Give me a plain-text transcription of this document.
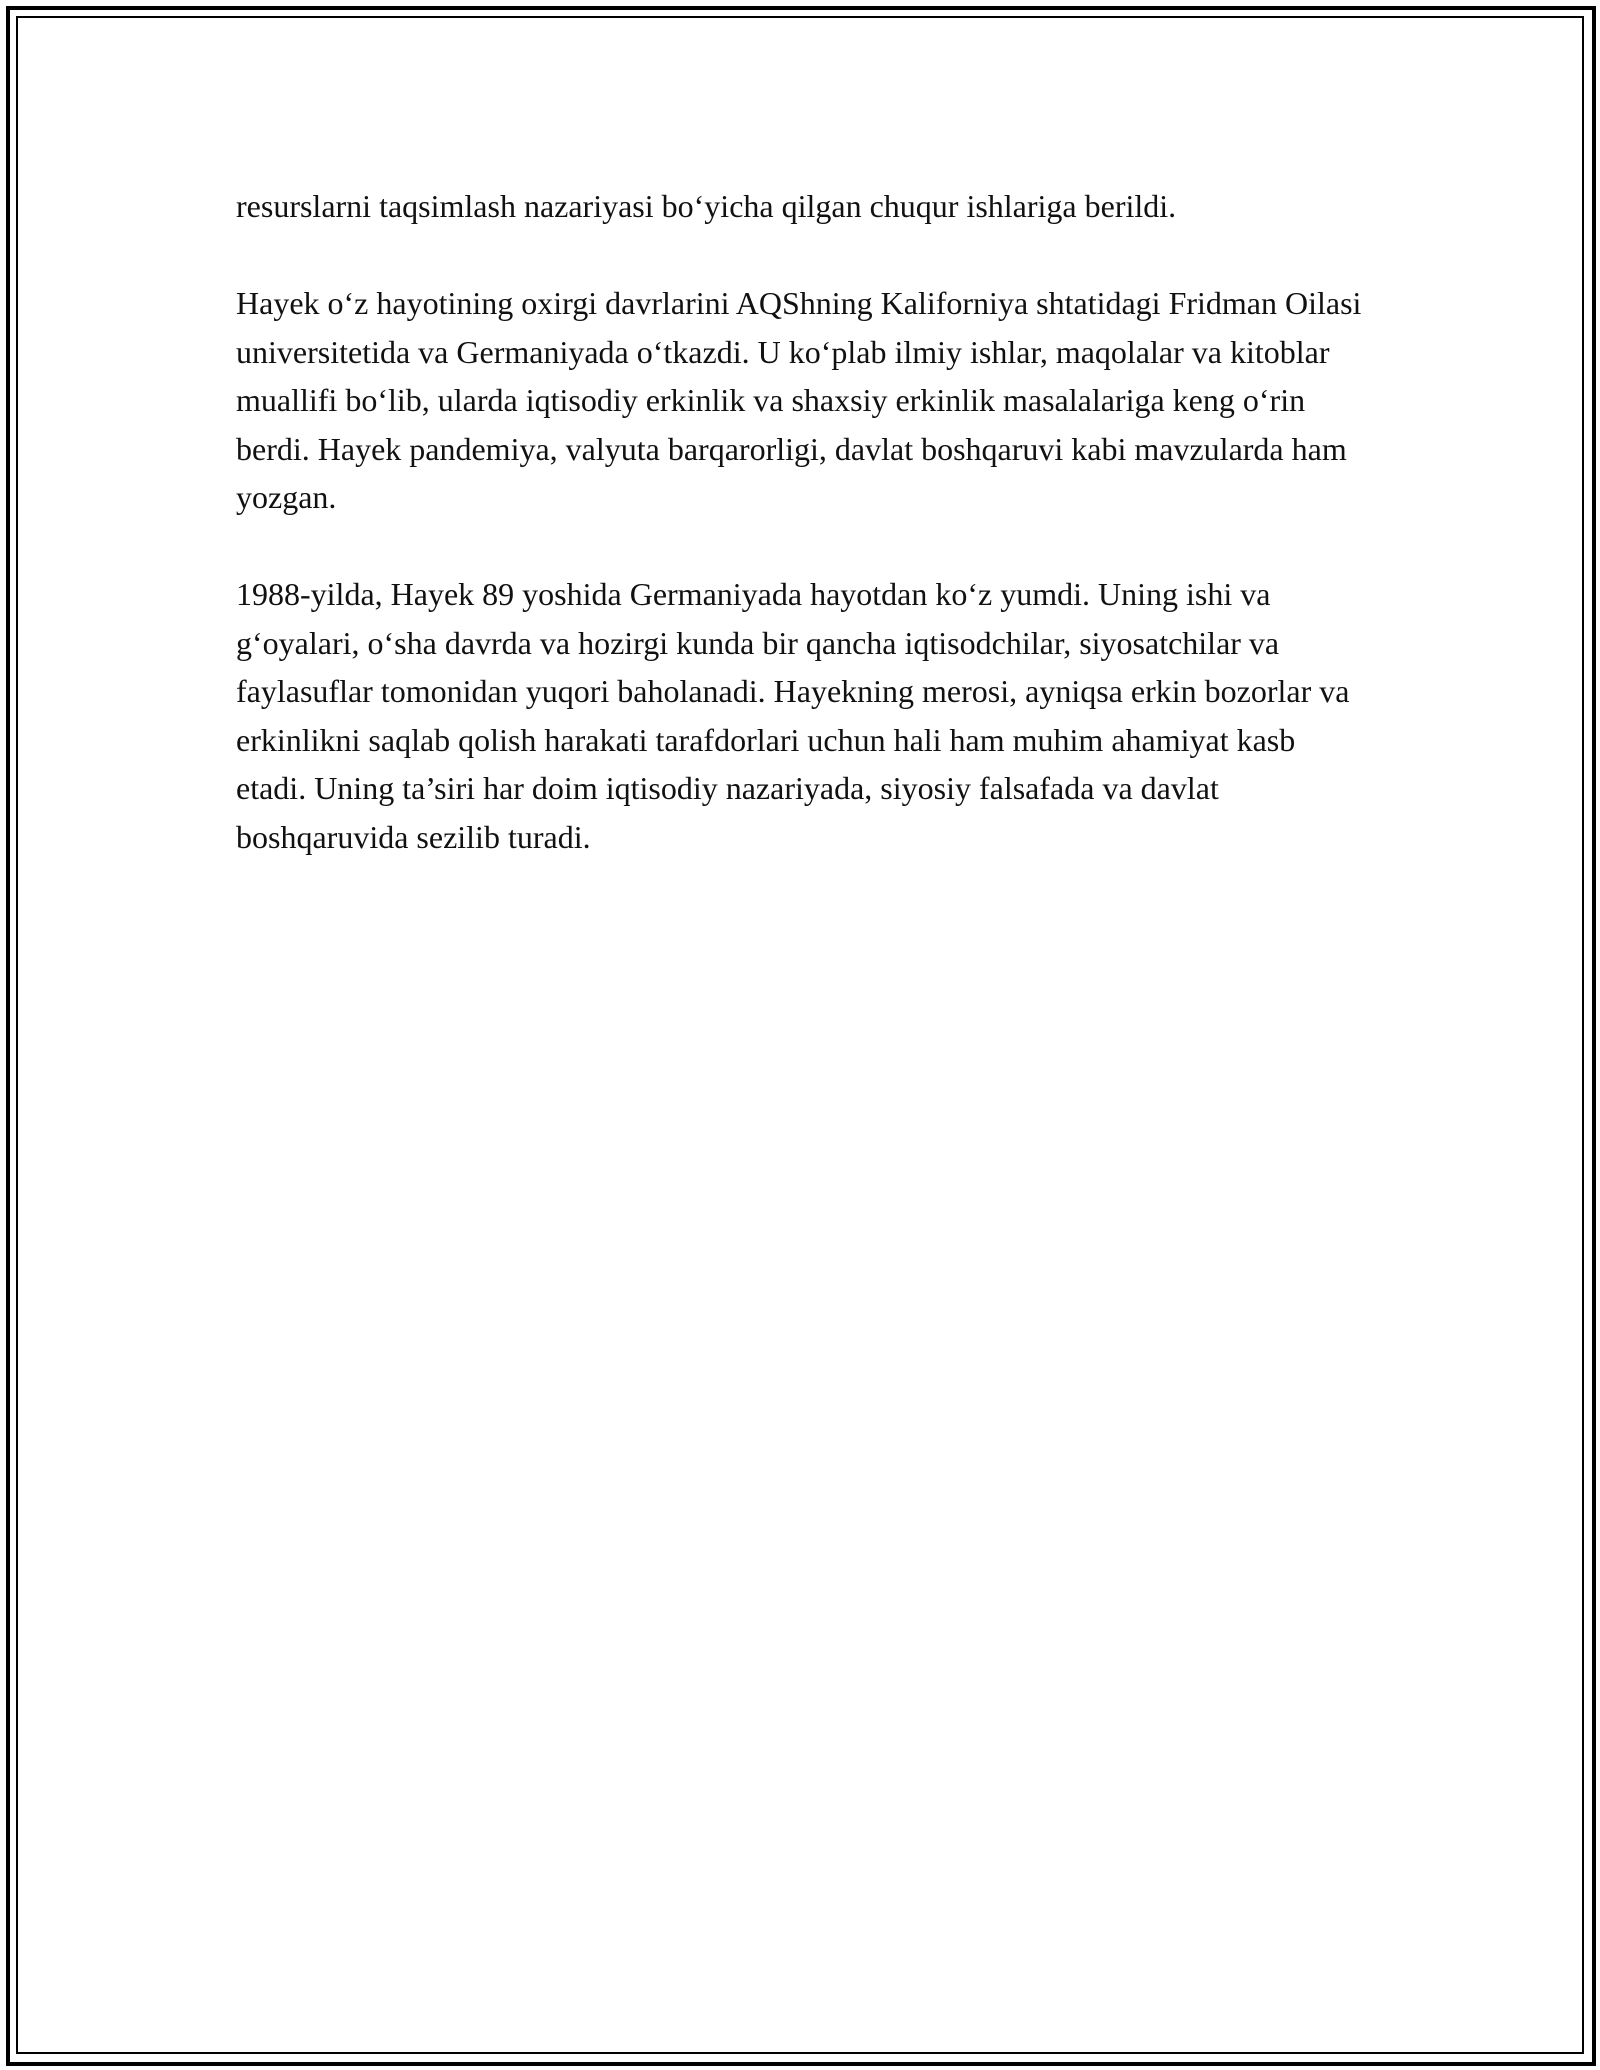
resurslarni taqsimlash nazariyasi bo‘yicha qilgan chuqur ishlariga berildi.

Hayek o‘z hayotining oxirgi davrlarini AQShning Kaliforniya shtatidagi Fridman Oilasi universitetida va Germaniyada o‘tkazdi. U ko‘plab ilmiy ishlar, maqolalar va kitoblar muallifi bo‘lib, ularda iqtisodiy erkinlik va shaxsiy erkinlik masalalariga keng o‘rin berdi. Hayek pandemiya, valyuta barqarorligi, davlat boshqaruvi kabi mavzularda ham yozgan.

1988-yilda, Hayek 89 yoshida Germaniyada hayotdan ko‘z yumdi. Uning ishi va g‘oyalari, o‘sha davrda va hozirgi kunda bir qancha iqtisodchilar, siyosatchilar va faylasuflar tomonidan yuqori baholanadi. Hayekning merosi, ayniqsa erkin bozorlar va erkinlikni saqlab qolish harakati tarafdorlari uchun hali ham muhim ahamiyat kasb etadi. Uning ta’siri har doim iqtisodiy nazariyada, siyosiy falsafada va davlat boshqaruvida sezilib turadi.
